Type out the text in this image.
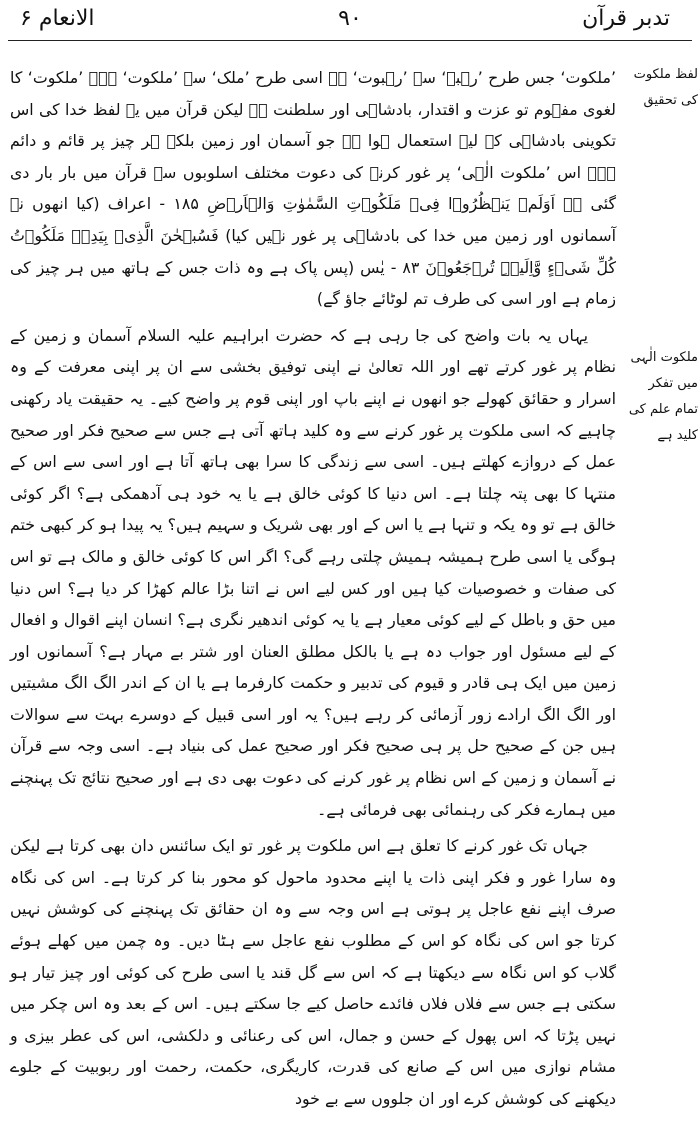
الانعام ۶	۹۰	تدبر قرآن
لفظ ملکوت کی تحقیق
ملکوت الٰہی میں تفکر تمام علم کی کلید ہے

’ملکوت‘ جس طرح ’رہبۃ‘ سے ’رہبوت‘ ہے اسی طرح ’ملک‘ سے ’ملکوت‘ ہے۔ ’ملکوت‘ کا لغوی مفہوم تو عزت و اقتدار، بادشاہی اور سلطنت ہے لیکن قرآن میں یہ لفظ خدا کی اس تکوینی بادشاہی کے لیے استعمال ہوا ہے جو آسمان اور زمین بلکہ ہر چیز پر قائم و دائم ہے۔ اس ’ملکوت الٰہی‘ پر غور کرنے کی دعوت مختلف اسلوبوں سے قرآن میں بار بار دی گئی ہے اَوَلَمۡ یَنۡظُرُوۡا فِیۡ مَلَکُوۡتِ السَّمٰوٰتِ وَالۡاَرۡضِ ۱۸۵ - اعراف (کیا انھوں نے آسمانوں اور زمین میں خدا کی بادشاہی پر غور نہیں کیا) فَسُبۡحٰنَ الَّذِیۡ بِیَدِہٖ مَلَکُوۡتُ کُلِّ شَیۡءٍ وَّاِلَیۡہِ تُرۡجَعُوۡنَ ۸۳ - یٰس (پس پاک ہے وہ ذات جس کے ہاتھ میں ہر چیز کی زمام ہے اور اسی کی طرف تم لوٹائے جاؤ گے)

یہاں یہ بات واضح کی جا رہی ہے کہ حضرت ابراہیم علیہ السلام آسمان و زمین کے نظام پر غور کرتے تھے اور اللہ تعالیٰ نے اپنی توفیق بخشی سے ان پر اپنی معرفت کے وہ اسرار و حقائق کھولے جو انھوں نے اپنے باپ اور اپنی قوم پر واضح کیے۔ یہ حقیقت یاد رکھنی چاہیے کہ اسی ملکوت پر غور کرنے سے وہ کلید ہاتھ آتی ہے جس سے صحیح فکر اور صحیح عمل کے دروازے کھلتے ہیں۔ اسی سے زندگی کا سرا بھی ہاتھ آتا ہے اور اسی سے اس کے منتہا کا بھی پتہ چلتا ہے۔ اس دنیا کا کوئی خالق ہے یا یہ خود ہی آدھمکی ہے؟ اگر کوئی خالق ہے تو وہ یکہ و تنہا ہے یا اس کے اور بھی شریک و سہیم ہیں؟ یہ پیدا ہو کر کبھی ختم ہوگی یا اسی طرح ہمیشہ ہمیش چلتی رہے گی؟ اگر اس کا کوئی خالق و مالک ہے تو اس کی صفات و خصوصیات کیا ہیں اور کس لیے اس نے اتنا بڑا عالم کھڑا کر دیا ہے؟ اس دنیا میں حق و باطل کے لیے کوئی معیار ہے یا یہ کوئی اندھیر نگری ہے؟ انسان اپنے اقوال و افعال کے لیے مسئول اور جواب دہ ہے یا بالکل مطلق العنان اور شتر بے مہار ہے؟ آسمانوں اور زمین میں ایک ہی قادر و قیوم کی تدبیر و حکمت کارفرما ہے یا ان کے اندر الگ الگ مشیتیں اور الگ الگ ارادے زور آزمائی کر رہے ہیں؟ یہ اور اسی قبیل کے دوسرے بہت سے سوالات ہیں جن کے صحیح حل پر ہی صحیح فکر اور صحیح عمل کی بنیاد ہے۔ اسی وجہ سے قرآن نے آسمان و زمین کے اس نظام پر غور کرنے کی دعوت بھی دی ہے اور صحیح نتائج تک پہنچنے میں ہمارے فکر کی رہنمائی بھی فرمائی ہے۔

جہاں تک غور کرنے کا تعلق ہے اس ملکوت پر غور تو ایک سائنس دان بھی کرتا ہے لیکن وہ سارا غور و فکر اپنی ذات یا اپنے محدود ماحول کو محور بنا کر کرتا ہے۔ اس کی نگاہ صرف اپنے نفع عاجل پر ہوتی ہے اس وجہ سے وہ ان حقائق تک پہنچنے کی کوشش نہیں کرتا جو اس کی نگاہ کو اس کے مطلوب نفع عاجل سے ہٹا دیں۔ وہ چمن میں کھلے ہوئے گلاب کو اس نگاہ سے دیکھتا ہے کہ اس سے گل قند یا اسی طرح کی کوئی اور چیز تیار ہو سکتی ہے جس سے فلاں فلاں فائدے حاصل کیے جا سکتے ہیں۔ اس کے بعد وہ اس چکر میں نہیں پڑتا کہ اس پھول کے حسن و جمال، اس کی رعنائی و دلکشی، اس کی عطر بیزی و مشام نوازی میں اس کے صانع کی قدرت، کاریگری، حکمت، رحمت اور ربوبیت کے جلوے دیکھنے کی کوشش کرے اور ان جلووں سے بے خود
